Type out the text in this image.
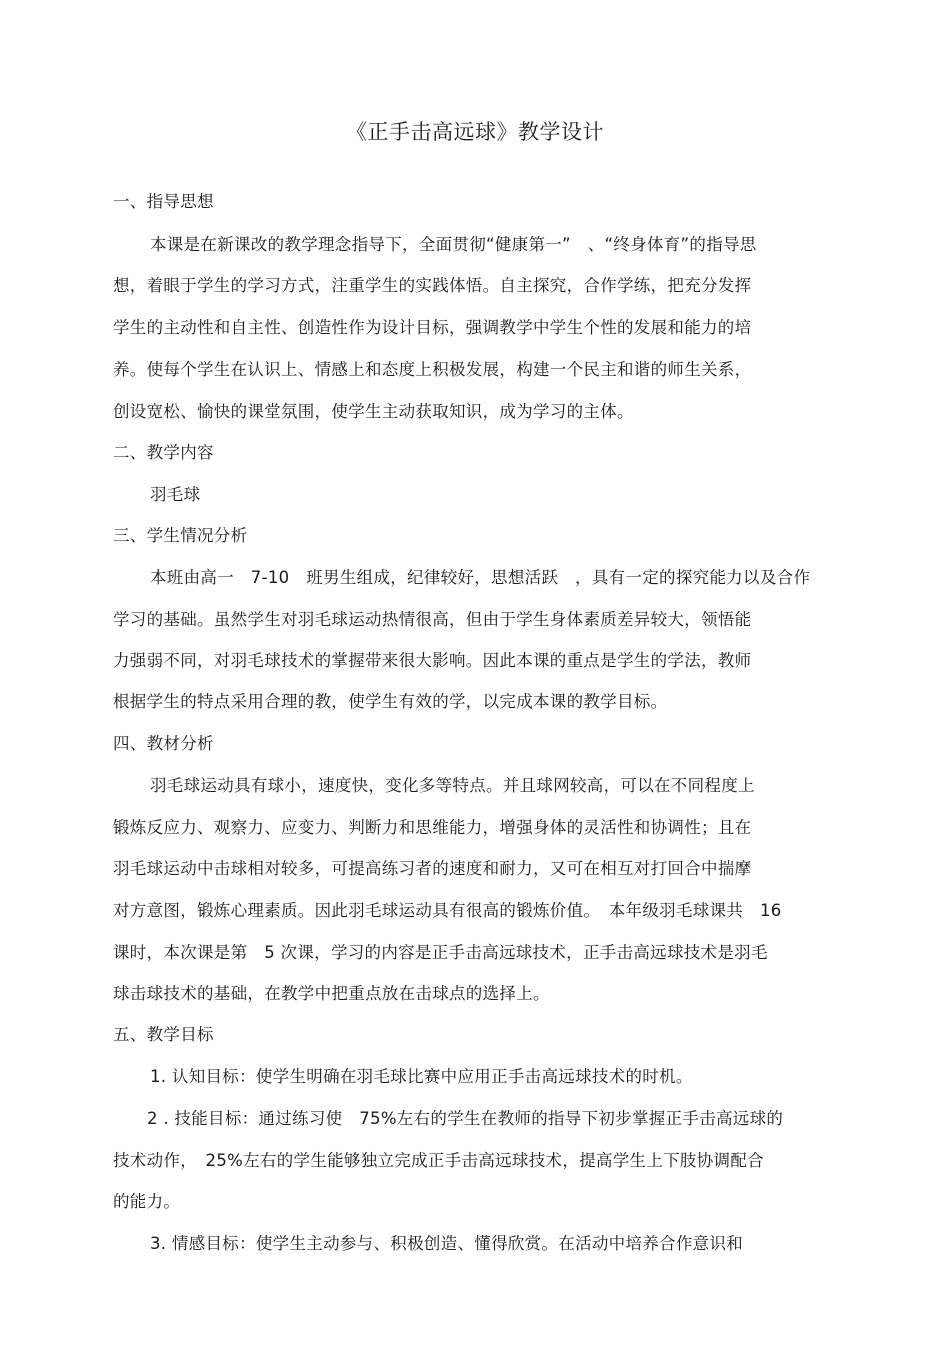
《正手击高远球》教学设计
一、指导思想
本课是在新课改的教学理念指导下，全面贯彻“健康第一”　、“终身体育”的指导思
想，着眼于学生的学习方式，注重学生的实践体悟。自主探究，合作学练，把充分发挥
学生的主动性和自主性、创造性作为设计目标，强调教学中学生个性的发展和能力的培
养。使每个学生在认识上、情感上和态度上积极发展，构建一个民主和谐的师生关系，
创设宽松、愉快的课堂氛围，使学生主动获取知识，成为学习的主体。
二、教学内容
羽毛球
三、学生情况分析
本班由高一　7-10　班男生组成，纪律较好，思想活跃　，具有一定的探究能力以及合作
学习的基础。虽然学生对羽毛球运动热情很高，但由于学生身体素质差异较大，领悟能
力强弱不同，对羽毛球技术的掌握带来很大影响。因此本课的重点是学生的学法，教师
根据学生的特点采用合理的教，使学生有效的学，以完成本课的教学目标。
四、教材分析
羽毛球运动具有球小，速度快，变化多等特点。并且球网较高，可以在不同程度上
锻炼反应力、观察力、应变力、判断力和思维能力，增强身体的灵活性和协调性；且在
羽毛球运动中击球相对较多，可提高练习者的速度和耐力，又可在相互对打回合中揣摩
对方意图，锻炼心理素质。因此羽毛球运动具有很高的锻炼价值。　本年级羽毛球课共　16
课时，本次课是第　5 次课，学习的内容是正手击高远球技术，正手击高远球技术是羽毛
球击球技术的基础，在教学中把重点放在击球点的选择上。
五、教学目标
1. 认知目标：使学生明确在羽毛球比赛中应用正手击高远球技术的时机。
2 . 技能目标：通过练习使　75%左右的学生在教师的指导下初步掌握正手击高远球的
技术动作，　25%左右的学生能够独立完成正手击高远球技术，提高学生上下肢协调配合
的能力。
3. 情感目标：使学生主动参与、积极创造、懂得欣赏。在活动中培养合作意识和
